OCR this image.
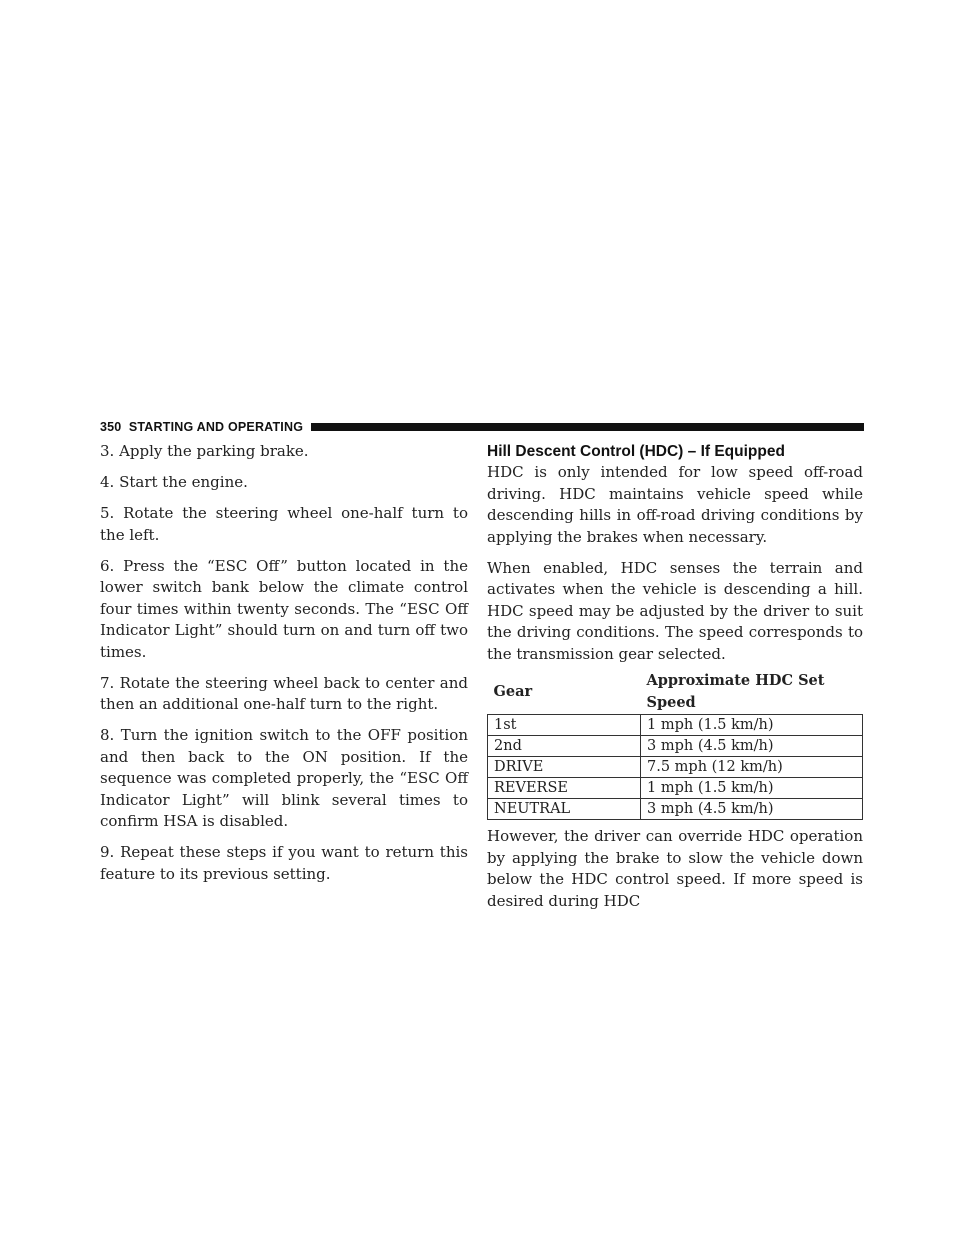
350 STARTING AND OPERATING

3. Apply the parking brake.

4. Start the engine.

5. Rotate the steering wheel one-half turn to the left.

6. Press the “ESC Off” button located in the lower switch bank below the climate control four times within twenty seconds. The “ESC Off Indicator Light” should turn on and turn off two times.

7. Rotate the steering wheel back to center and then an additional one-half turn to the right.

8. Turn the ignition switch to the OFF position and then back to the ON position. If the sequence was completed properly, the “ESC Off Indicator Light” will blink several times to confirm HSA is disabled.

9. Repeat these steps if you want to return this feature to its previous setting.

Hill Descent Control (HDC) – If Equipped

HDC is only intended for low speed off-road driving. HDC maintains vehicle speed while descending hills in off-road driving conditions by applying the brakes when necessary.

When enabled, HDC senses the terrain and activates when the vehicle is descending a hill. HDC speed may be adjusted by the driver to suit the driving conditions. The speed corresponds to the transmission gear selected.

Gear	Approximate HDC Set Speed
1st	1 mph (1.5 km/h)
2nd	3 mph (4.5 km/h)
DRIVE	7.5 mph (12 km/h)
REVERSE	1 mph (1.5 km/h)
NEUTRAL	3 mph (4.5 km/h)

However, the driver can override HDC operation by applying the brake to slow the vehicle down below the HDC control speed. If more speed is desired during HDC
